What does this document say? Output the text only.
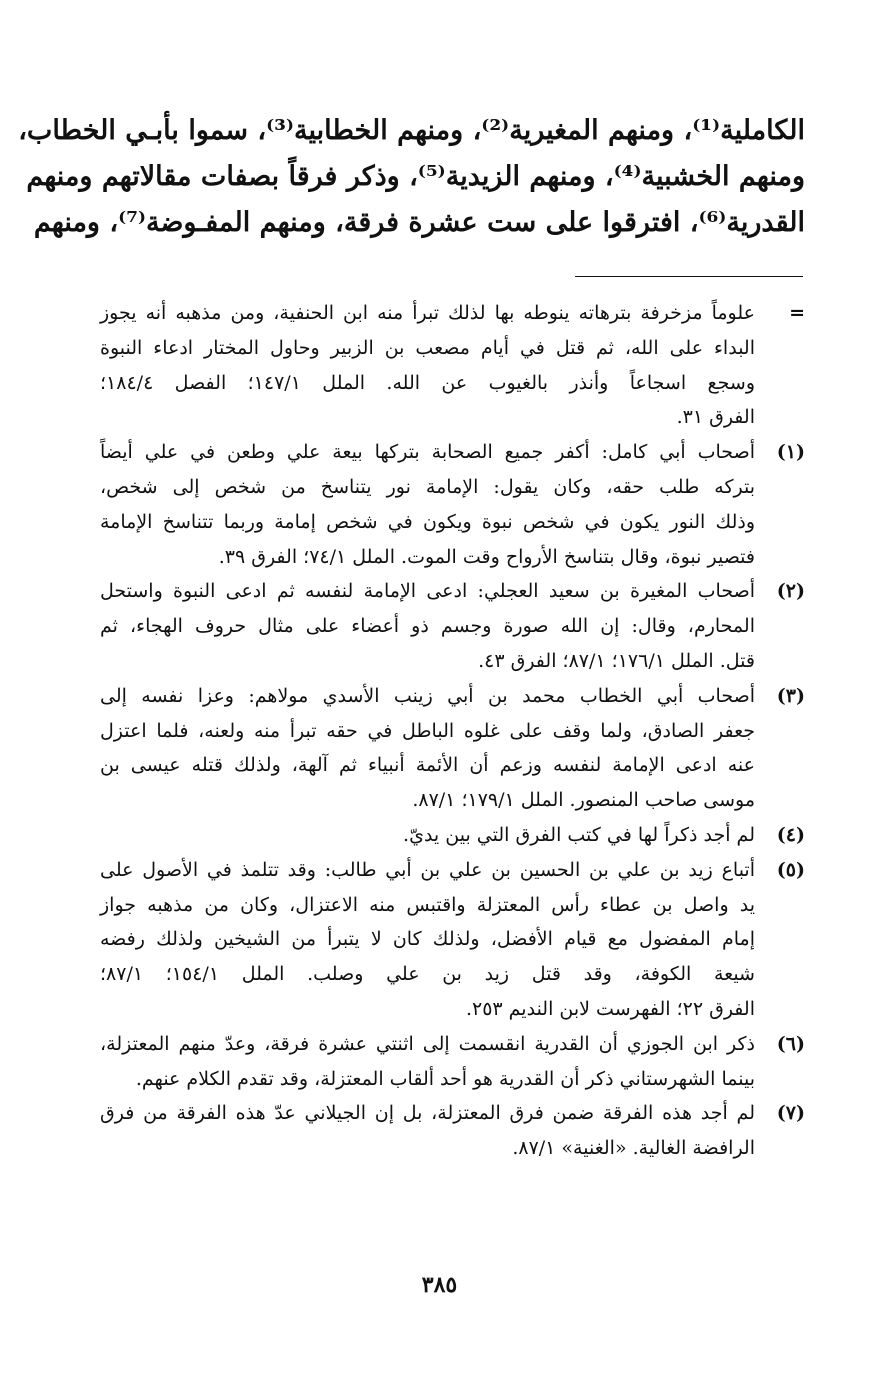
الكاملية⁽¹⁾، ومنهم المغيرية⁽²⁾، ومنهم الخطابية⁽³⁾، سموا بأبـي الخطاب،
ومنهم الخشبية⁽⁴⁾، ومنهم الزيدية⁽⁵⁾، وذكر فرقاً بصفات مقالاتهم ومنهم
القدرية⁽⁶⁾، افترقوا على ست عشرة فرقة، ومنهم المفـوضة⁽⁷⁾، ومنهم
=
علوماً مزخرفة بترهاته ينوطه بها لذلك تبرأ منه ابن الحنفية، ومن مذهبه أنه يجوز
البداء على الله، ثم قتل في أيام مصعب بن الزبير وحاول المختار ادعاء النبوة
وسجع اسجاعاً وأنذر بالغيوب عن الله. الملل ١٤٧/١؛ الفصل ١٨٤/٤؛
الفرق ٣١.
(١)
أصحاب أبي كامل: أكفر جميع الصحابة بتركها بيعة علي وطعن في علي أيضاً
بتركه طلب حقه، وكان يقول: الإمامة نور يتناسخ من شخص إلى شخص،
وذلك النور يكون في شخص نبوة ويكون في شخص إمامة وربما تتناسخ الإمامة
فتصير نبوة، وقال بتناسخ الأرواح وقت الموت. الملل ٧٤/١؛ الفرق ٣٩.
(٢)
أصحاب المغيرة بن سعيد العجلي: ادعى الإمامة لنفسه ثم ادعى النبوة واستحل
المحارم، وقال: إن الله صورة وجسم ذو أعضاء على مثال حروف الهجاء، ثم
قتل. الملل ١٧٦/١؛ ٨٧/١؛ الفرق ٤٣.
(٣)
أصحاب أبي الخطاب محمد بن أبي زينب الأسدي مولاهم: وعزا نفسه إلى
جعفر الصادق، ولما وقف على غلوه الباطل في حقه تبرأ منه ولعنه، فلما اعتزل
عنه ادعى الإمامة لنفسه وزعم أن الأئمة أنبياء ثم آلهة، ولذلك قتله عيسى بن
موسى صاحب المنصور. الملل ١٧٩/١؛ ٨٧/١.
(٤)
لم أجد ذكراً لها في كتب الفرق التي بين يديّ.
(٥)
أتباع زيد بن علي بن الحسين بن علي بن أبي طالب: وقد تتلمذ في الأصول على
يد واصل بن عطاء رأس المعتزلة واقتبس منه الاعتزال، وكان من مذهبه جواز
إمام المفضول مع قيام الأفضل، ولذلك كان لا يتبرأ من الشيخين ولذلك رفضه
شيعة الكوفة، وقد قتل زيد بن علي وصلب. الملل ١٥٤/١؛ ٨٧/١؛
الفرق ٢٢؛ الفهرست لابن النديم ٢٥٣.
(٦)
ذكر ابن الجوزي أن القدرية انقسمت إلى اثنتي عشرة فرقة، وعدّ منهم المعتزلة،
بينما الشهرستاني ذكر أن القدرية هو أحد ألقاب المعتزلة، وقد تقدم الكلام عنهم.
(٧)
لم أجد هذه الفرقة ضمن فرق المعتزلة، بل إن الجيلاني عدّ هذه الفرقة من فرق
الرافضة الغالية. «الغنية» ٨٧/١.
٣٨٥
